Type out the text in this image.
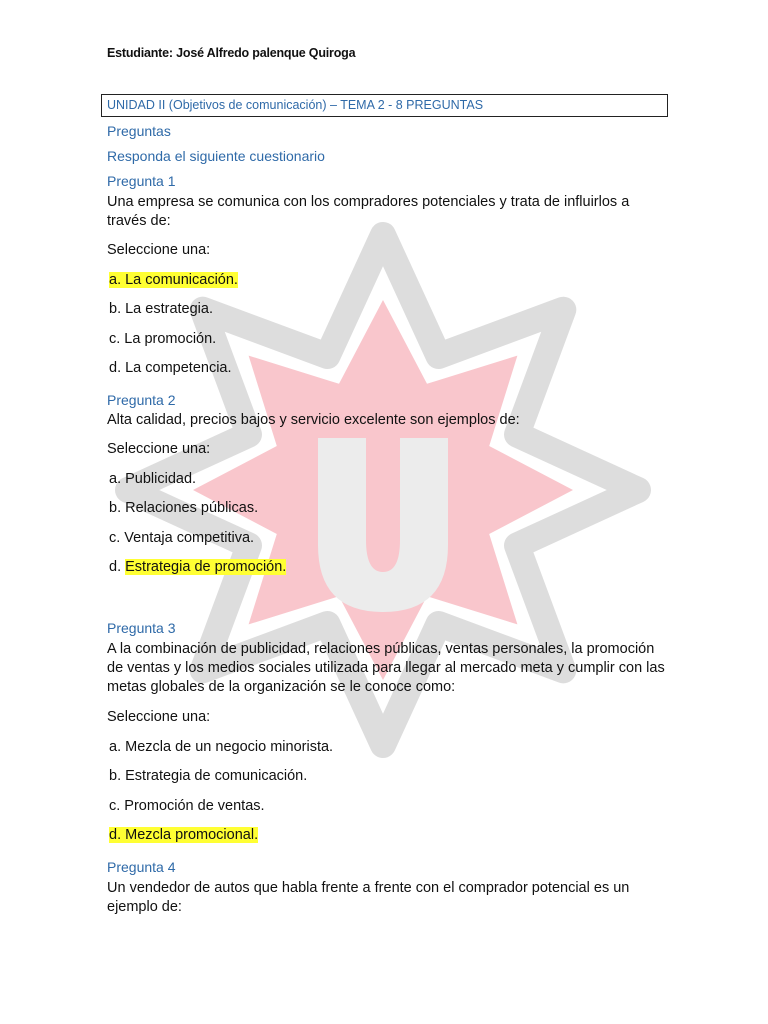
Estudiante: José Alfredo palenque Quiroga
UNIDAD II (Objetivos de comunicación) – TEMA 2 - 8 PREGUNTAS
Preguntas
Responda el siguiente cuestionario
Pregunta 1
Una empresa se comunica con los compradores potenciales y trata de influirlos a través de:
Seleccione una:
a. La comunicación.
b. La estrategia.
c. La promoción.
d. La competencia.
Pregunta 2
Alta calidad, precios bajos y servicio excelente son ejemplos de:
Seleccione una:
a. Publicidad.
b. Relaciones públicas.
c. Ventaja competitiva.
d. Estrategia de promoción.
Pregunta 3
A la combinación de publicidad, relaciones públicas, ventas personales, la promoción de ventas y los medios sociales utilizada para llegar al mercado meta y cumplir con las metas globales de la organización se le conoce como:
Seleccione una:
a. Mezcla de un negocio minorista.
b. Estrategia de comunicación.
c. Promoción de ventas.
d. Mezcla promocional.
Pregunta 4
Un vendedor de autos que habla frente a frente con el comprador potencial es un ejemplo de:
